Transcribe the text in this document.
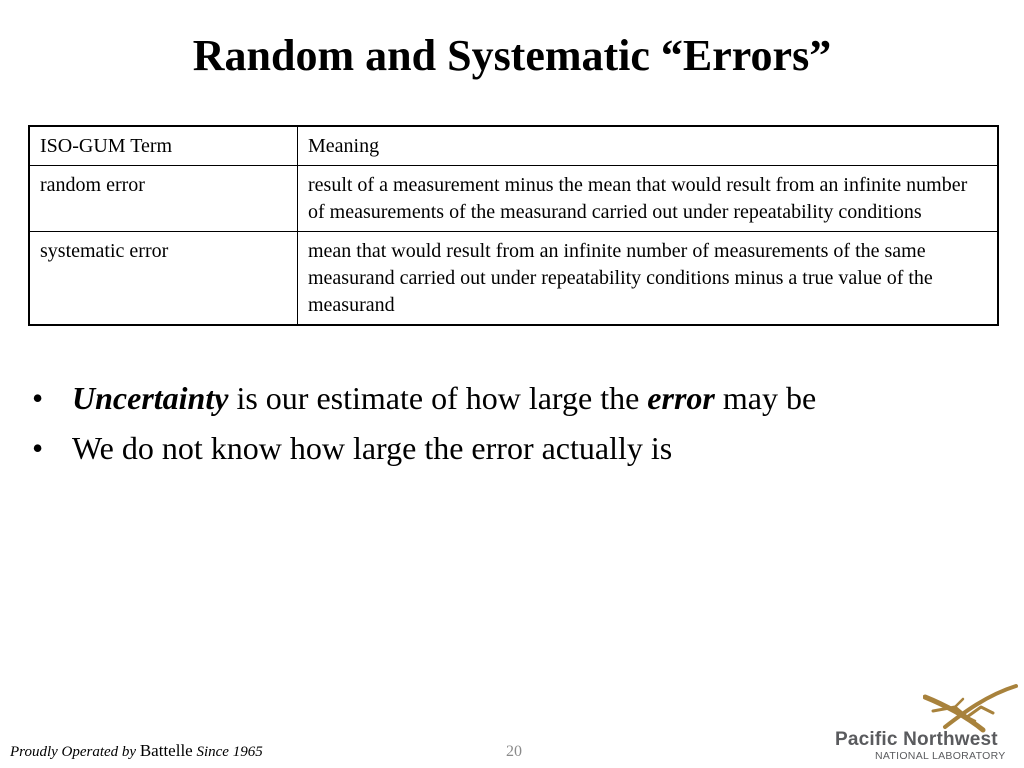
Random and Systematic “Errors”
ISO-GUM Term	Meaning
random error	result of a measurement minus the mean that would result from an infinite number of measurements of the measurand carried out under repeatability conditions
systematic error	mean that would result from an infinite number of measurements of the same measurand carried out under repeatability conditions minus a true value of the measurand
• Uncertainty is our estimate of how large the error may be
• We do not know how large the error actually is
Proudly Operated by Battelle Since 1965	20
Pacific Northwest
NATIONAL LABORATORY
